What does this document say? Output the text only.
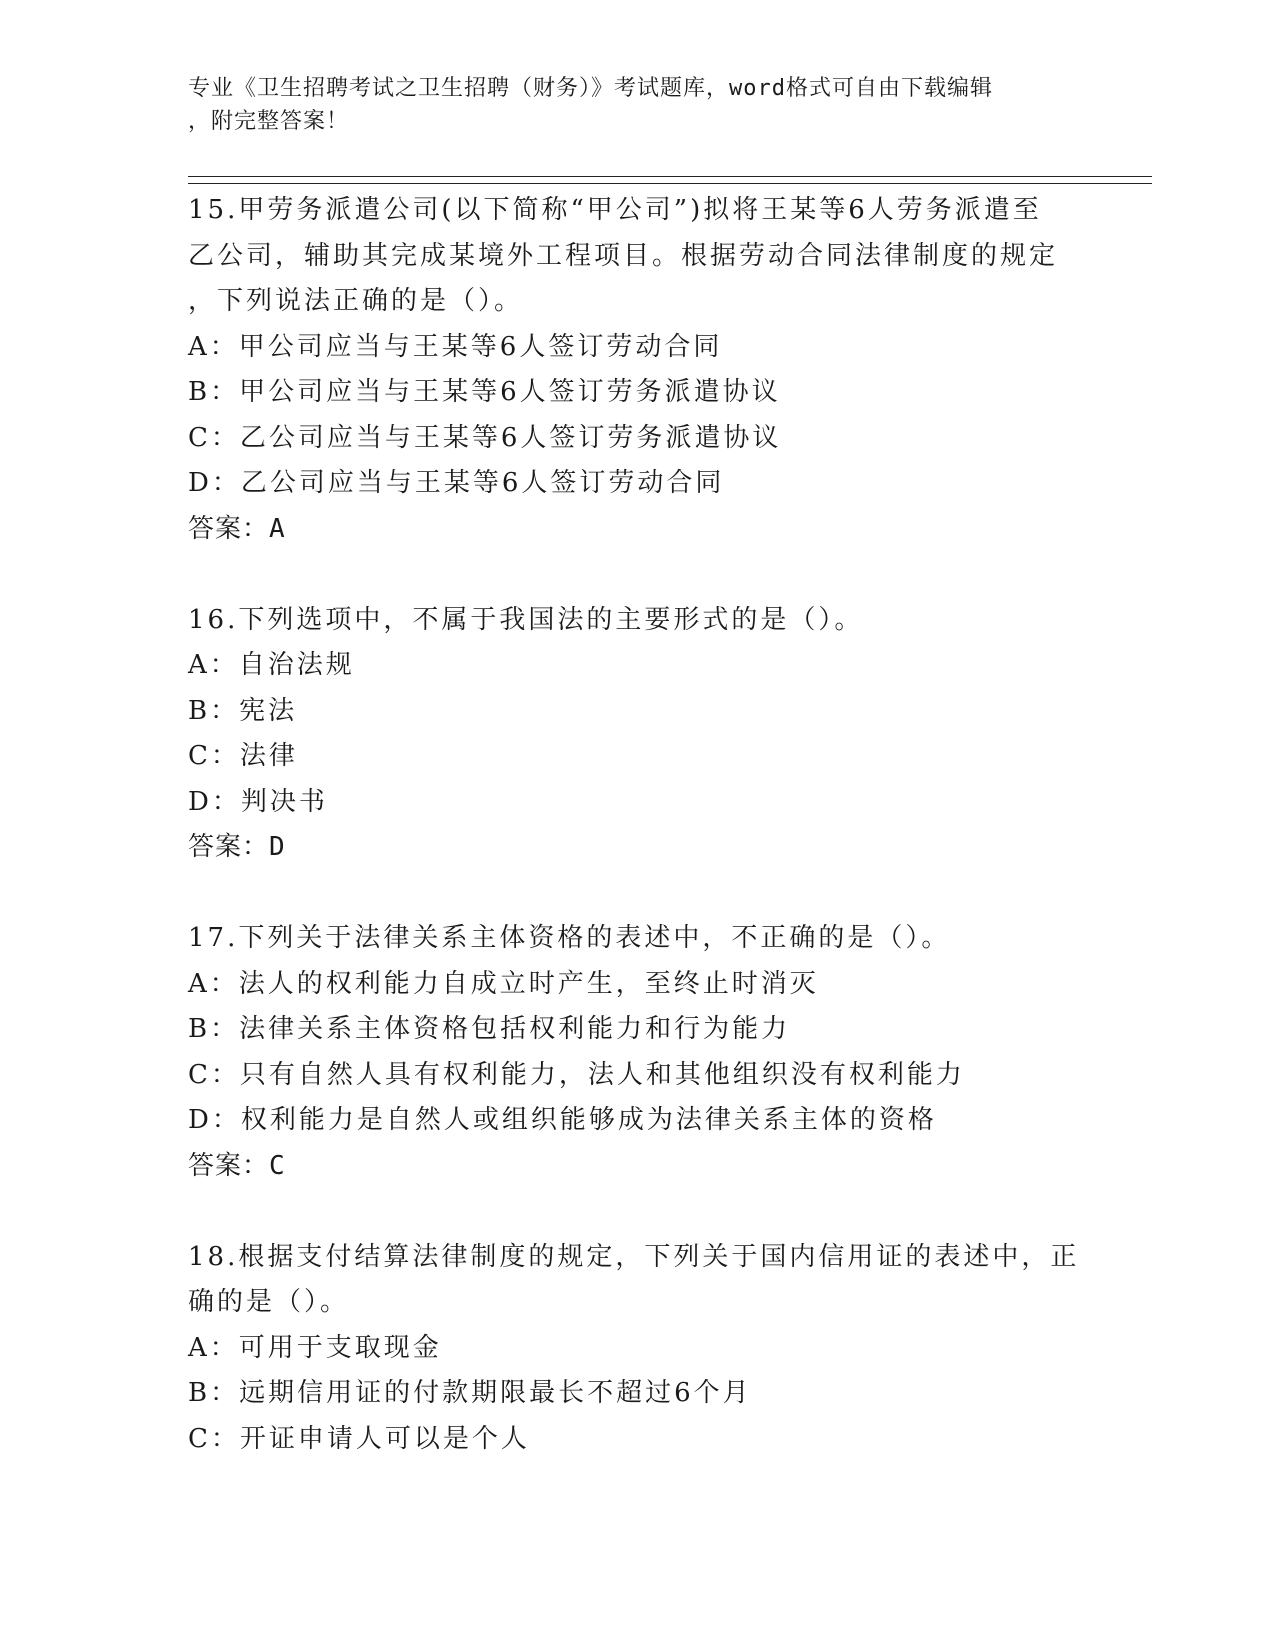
专业《卫生招聘考试之卫生招聘（财务）》考试题库，word格式可自由下载编辑
，附完整答案！
15.甲劳务派遣公司(以下简称“甲公司”)拟将王某等6人劳务派遣至
乙公司，辅助其完成某境外工程项目。根据劳动合同法律制度的规定
，下列说法正确的是（）。
A：甲公司应当与王某等6人签订劳动合同
B：甲公司应当与王某等6人签订劳务派遣协议
C：乙公司应当与王某等6人签订劳务派遣协议
D：乙公司应当与王某等6人签订劳动合同
答案：A
16.下列选项中，不属于我国法的主要形式的是（）。
A：自治法规
B：宪法
C：法律
D：判决书
答案：D
17.下列关于法律关系主体资格的表述中，不正确的是（）。
A：法人的权利能力自成立时产生，至终止时消灭
B：法律关系主体资格包括权利能力和行为能力
C：只有自然人具有权利能力，法人和其他组织没有权利能力
D：权利能力是自然人或组织能够成为法律关系主体的资格
答案：C
18.根据支付结算法律制度的规定，下列关于国内信用证的表述中，正
确的是（）。
A：可用于支取现金
B：远期信用证的付款期限最长不超过6个月
C：开证申请人可以是个人
